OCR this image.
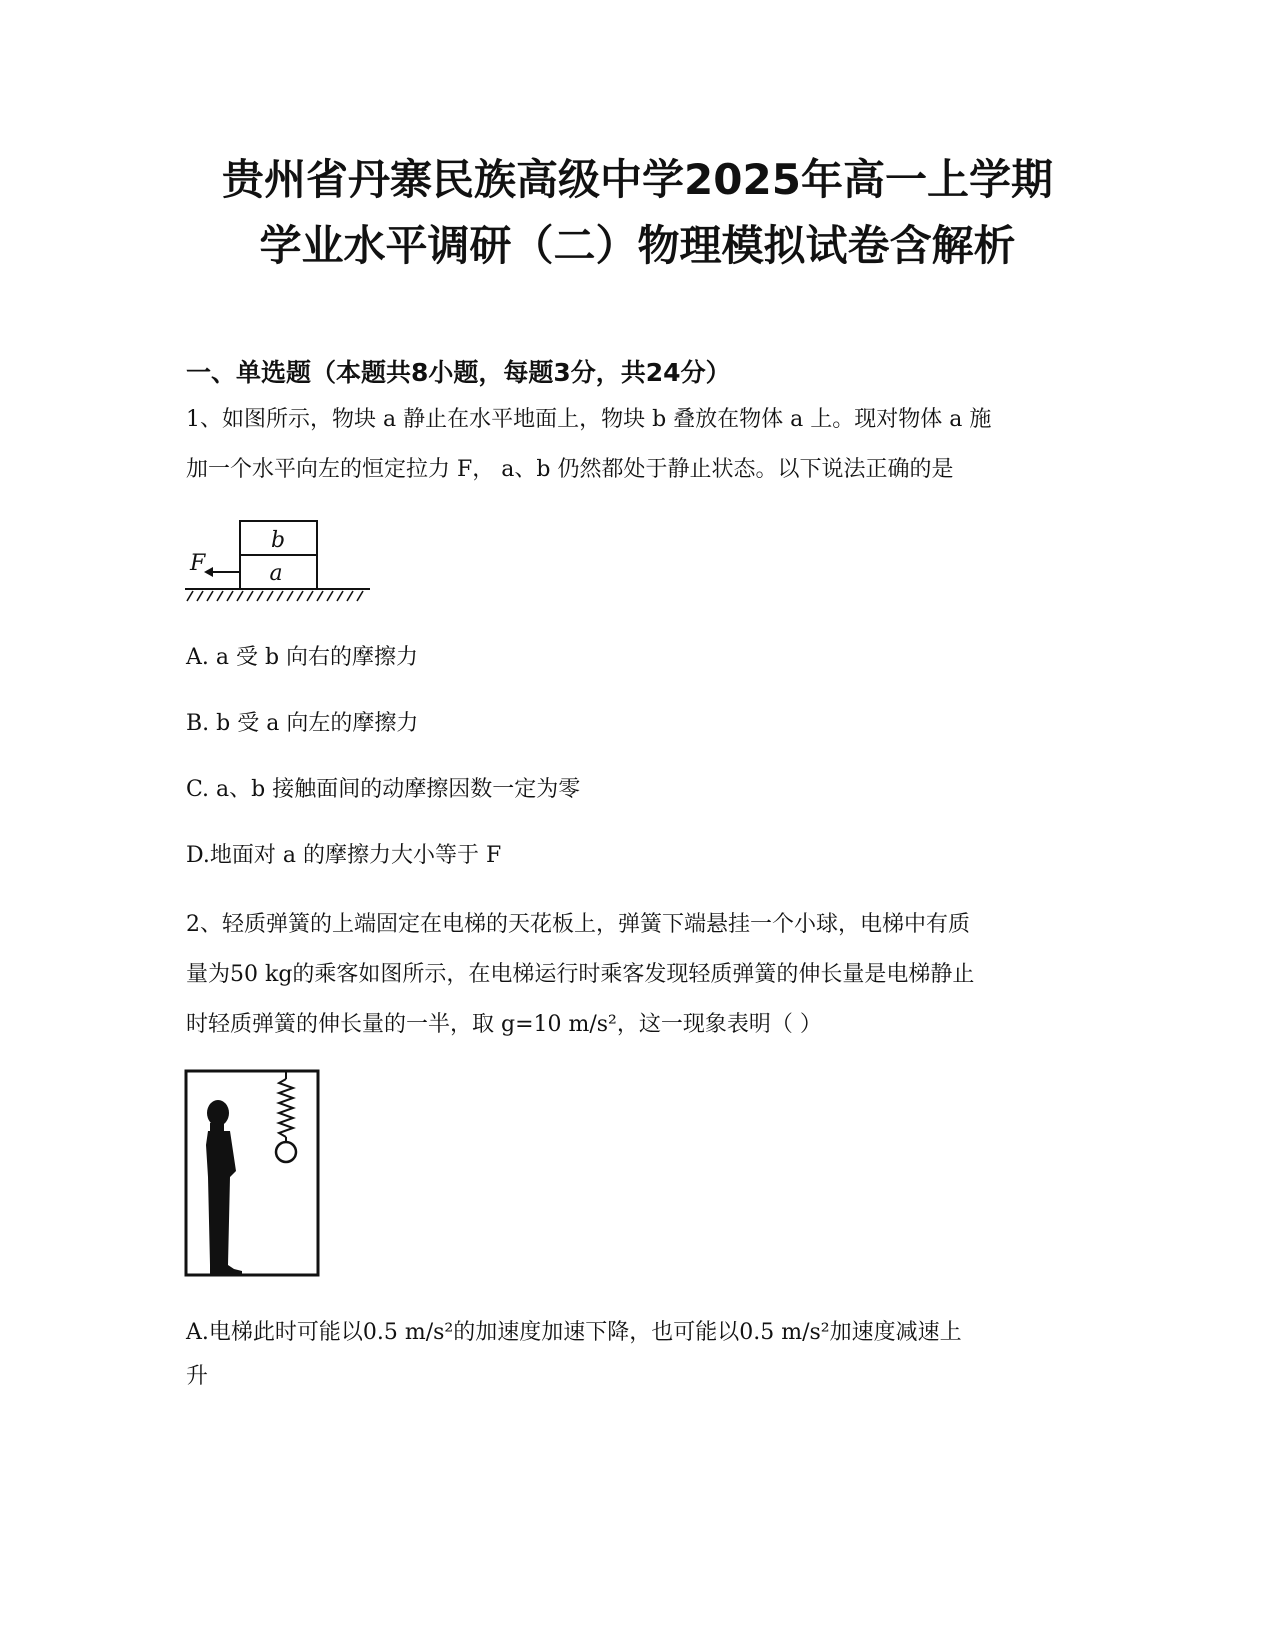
贵州省丹寨民族高级中学2025年高一上学期
学业水平调研（二）物理模拟试卷含解析
一、单选题（本题共8小题，每题3分，共24分）
1、如图所示，物块 a 静止在水平地面上，物块 b 叠放在物体 a 上。现对物体 a 施
加一个水平向左的恒定拉力 F， a、b 仍然都处于静止状态。以下说法正确的是
b
a
F
A. a 受 b 向右的摩擦力
B. b 受 a 向左的摩擦力
C. a、b 接触面间的动摩擦因数一定为零
D.地面对 a 的摩擦力大小等于 F
2、轻质弹簧的上端固定在电梯的天花板上，弹簧下端悬挂一个小球，电梯中有质
量为50 kg的乘客如图所示，在电梯运行时乘客发现轻质弹簧的伸长量是电梯静止
时轻质弹簧的伸长量的一半，取 g=10 m/s²，这一现象表明（ ）
A.电梯此时可能以0.5 m/s²的加速度加速下降，也可能以0.5 m/s²加速度减速上
升
